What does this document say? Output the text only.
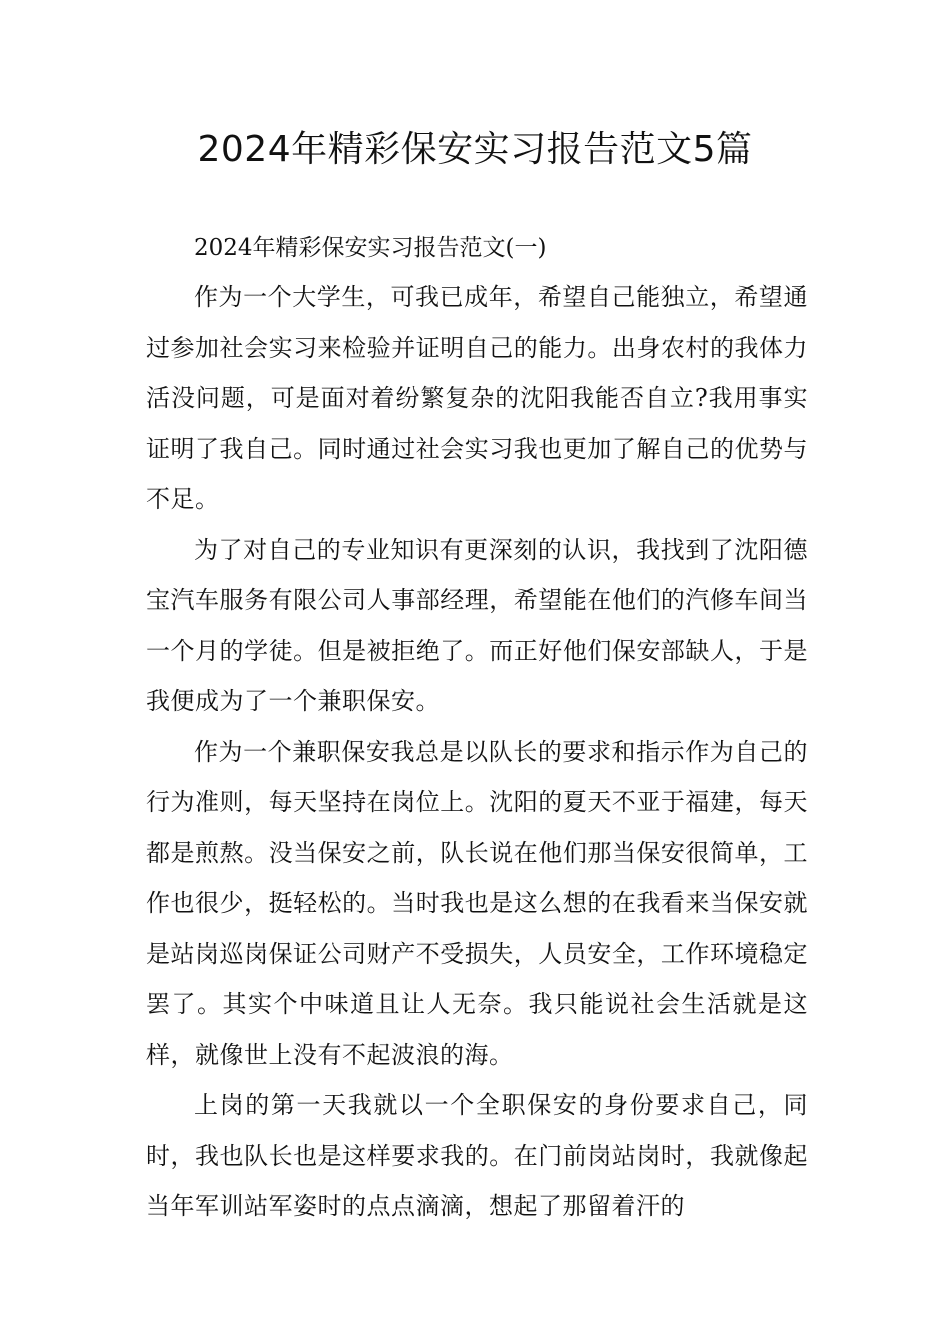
2024年精彩保安实习报告范文5篇

2024年精彩保安实习报告范文(一)

作为一个大学生，可我已成年，希望自己能独立，希望通过参加社会实习来检验并证明自己的能力。出身农村的我体力活没问题，可是面对着纷繁复杂的沈阳我能否自立?我用事实证明了我自己。同时通过社会实习我也更加了解自己的优势与不足。

为了对自己的专业知识有更深刻的认识，我找到了沈阳德宝汽车服务有限公司人事部经理，希望能在他们的汽修车间当一个月的学徒。但是被拒绝了。而正好他们保安部缺人，于是我便成为了一个兼职保安。

作为一个兼职保安我总是以队长的要求和指示作为自己的行为准则，每天坚持在岗位上。沈阳的夏天不亚于福建，每天都是煎熬。没当保安之前，队长说在他们那当保安很简单，工作也很少，挺轻松的。当时我也是这么想的在我看来当保安就是站岗巡岗保证公司财产不受损失，人员安全，工作环境稳定罢了。其实个中味道且让人无奈。我只能说社会生活就是这样，就像世上没有不起波浪的海。

上岗的第一天我就以一个全职保安的身份要求自己，同时，我也队长也是这样要求我的。在门前岗站岗时，我就像起当年军训站军姿时的点点滴滴，想起了那留着汗的
